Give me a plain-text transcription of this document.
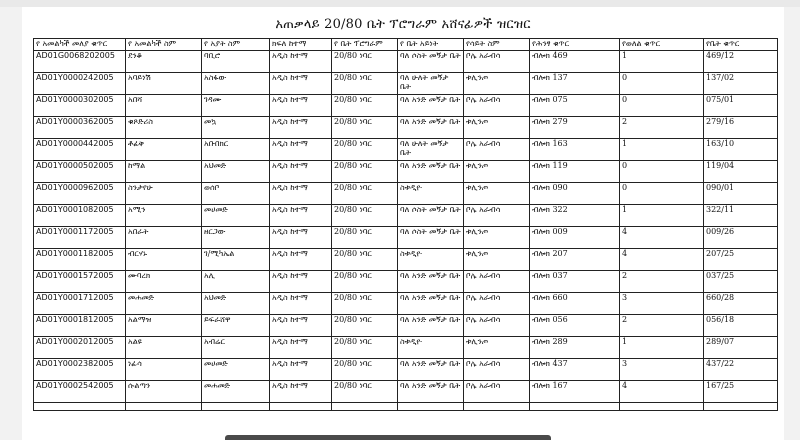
አጠቃላይ 20/80 ቤት ፕሮግራም አሸናፊዎች ዝርዝር
የ አመልካች መለያ ቁጥር	የ አመልካች ስም	የ አያት ስም	ክፍለ ከተማ	የ ቤት ፕሮግራም	የ ቤት አይነት	የሳይት ስም	የሕንፃ ቁጥር	የወለል ቁጥር	የቤት ቁጥር
AD01G0068202005	ደንቆ	ባቢሮ	አዲስ ከተማ	20/80 ነባር	ባለ ሶስት መኝታ ቤት	ቦሌ አራብሳ	ብሎክ 469	1	469/12
AD01Y0000242005	አባይነሽ	አስፋው	አዲስ ከተማ	20/80 ነባር	ባለ ሁለት መኝታ ቤት	ቱሊንጦ	ብሎክ 137	0	137/02
AD01Y0000302005	አበሻ	ገዳሙ	አዲስ ከተማ	20/80 ነባር	ባለ አንድ መኝታ ቤት	ቦሌ አራብሳ	ብሎክ 075	0	075/01
AD01Y0000362005	ቁጾድሪስ	መኳ	አዲስ ከተማ	20/80 ነባር	ባለ አንድ መኝታ ቤት	ቱሊንጦ	ብሎክ 279	2	279/16
AD01Y0000442005	ቶፊቅ	አቡበክር	አዲስ ከተማ	20/80 ነባር	ባለ ሁለት መኝታ ቤት	ቦሌ አራብሳ	ብሎክ 163	1	163/10
AD01Y0000502005	ከማል	አህመድ	አዲስ ከተማ	20/80 ነባር	ባለ አንድ መኝታ ቤት	ቱሊንጦ	ብሎክ 119	0	119/04
AD01Y0000962005	ስንታየሁ	ወሰቦ	አዲስ ከተማ	20/80 ነባር	ስቱዲዮ	ቱሊንጦ	ብሎክ 090	0	090/01
AD01Y0001082005	አሚን	መሀመድ	አዲስ ከተማ	20/80 ነባር	ባለ ሶስት መኝታ ቤት	ቦሌ አራብሳ	ብሎክ 322	1	322/11
AD01Y0001172005	አበራት	ዘርጋው	አዲስ ከተማ	20/80 ነባር	ባለ ሶስት መኝታ ቤት	ቱሊንጦ	ብሎክ 009	4	009/26
AD01Y0001182005	ብርሃኑ	ገ/ሚካኤል	አዲስ ከተማ	20/80 ነባር	ስቱዲዮ	ቱሊንጦ	ብሎክ 207	4	207/25
AD01Y0001572005	ሙባረክ	አሊ	አዲስ ከተማ	20/80 ነባር	ባለ አንድ መኝታ ቤት	ቦሌ አራብሳ	ብሎክ 037	2	037/25
AD01Y0001712005	መሐመድ	አህመድ	አዲስ ከተማ	20/80 ነባር	ባለ አንድ መኝታ ቤት	ቦሌ አራብሳ	ብሎክ 660	3	660/28
AD01Y0001812005	አልማዝ	ይፍራሸዋ	አዲስ ከተማ	20/80 ነባር	ባለ አንድ መኝታ ቤት	ቦሌ አራብሳ	ብሎክ 056	2	056/18
AD01Y0002012005	አልዩ	አብሬር	አዲስ ከተማ	20/80 ነባር	ስቱዲዮ	ቱሊንጦ	ብሎክ 289	1	289/07
AD01Y0002382005	ነፊሳ	መሀመድ	አዲስ ከተማ	20/80 ነባር	ባለ አንድ መኝታ ቤት	ቦሌ አራብሳ	ብሎክ 437	3	437/22
AD01Y0002542005	ሱልጣን	መሐመድ	አዲስ ከተማ	20/80 ነባር	ባለ አንድ መኝታ ቤት	ቦሌ አራብሳ	ብሎክ 167	4	167/25
